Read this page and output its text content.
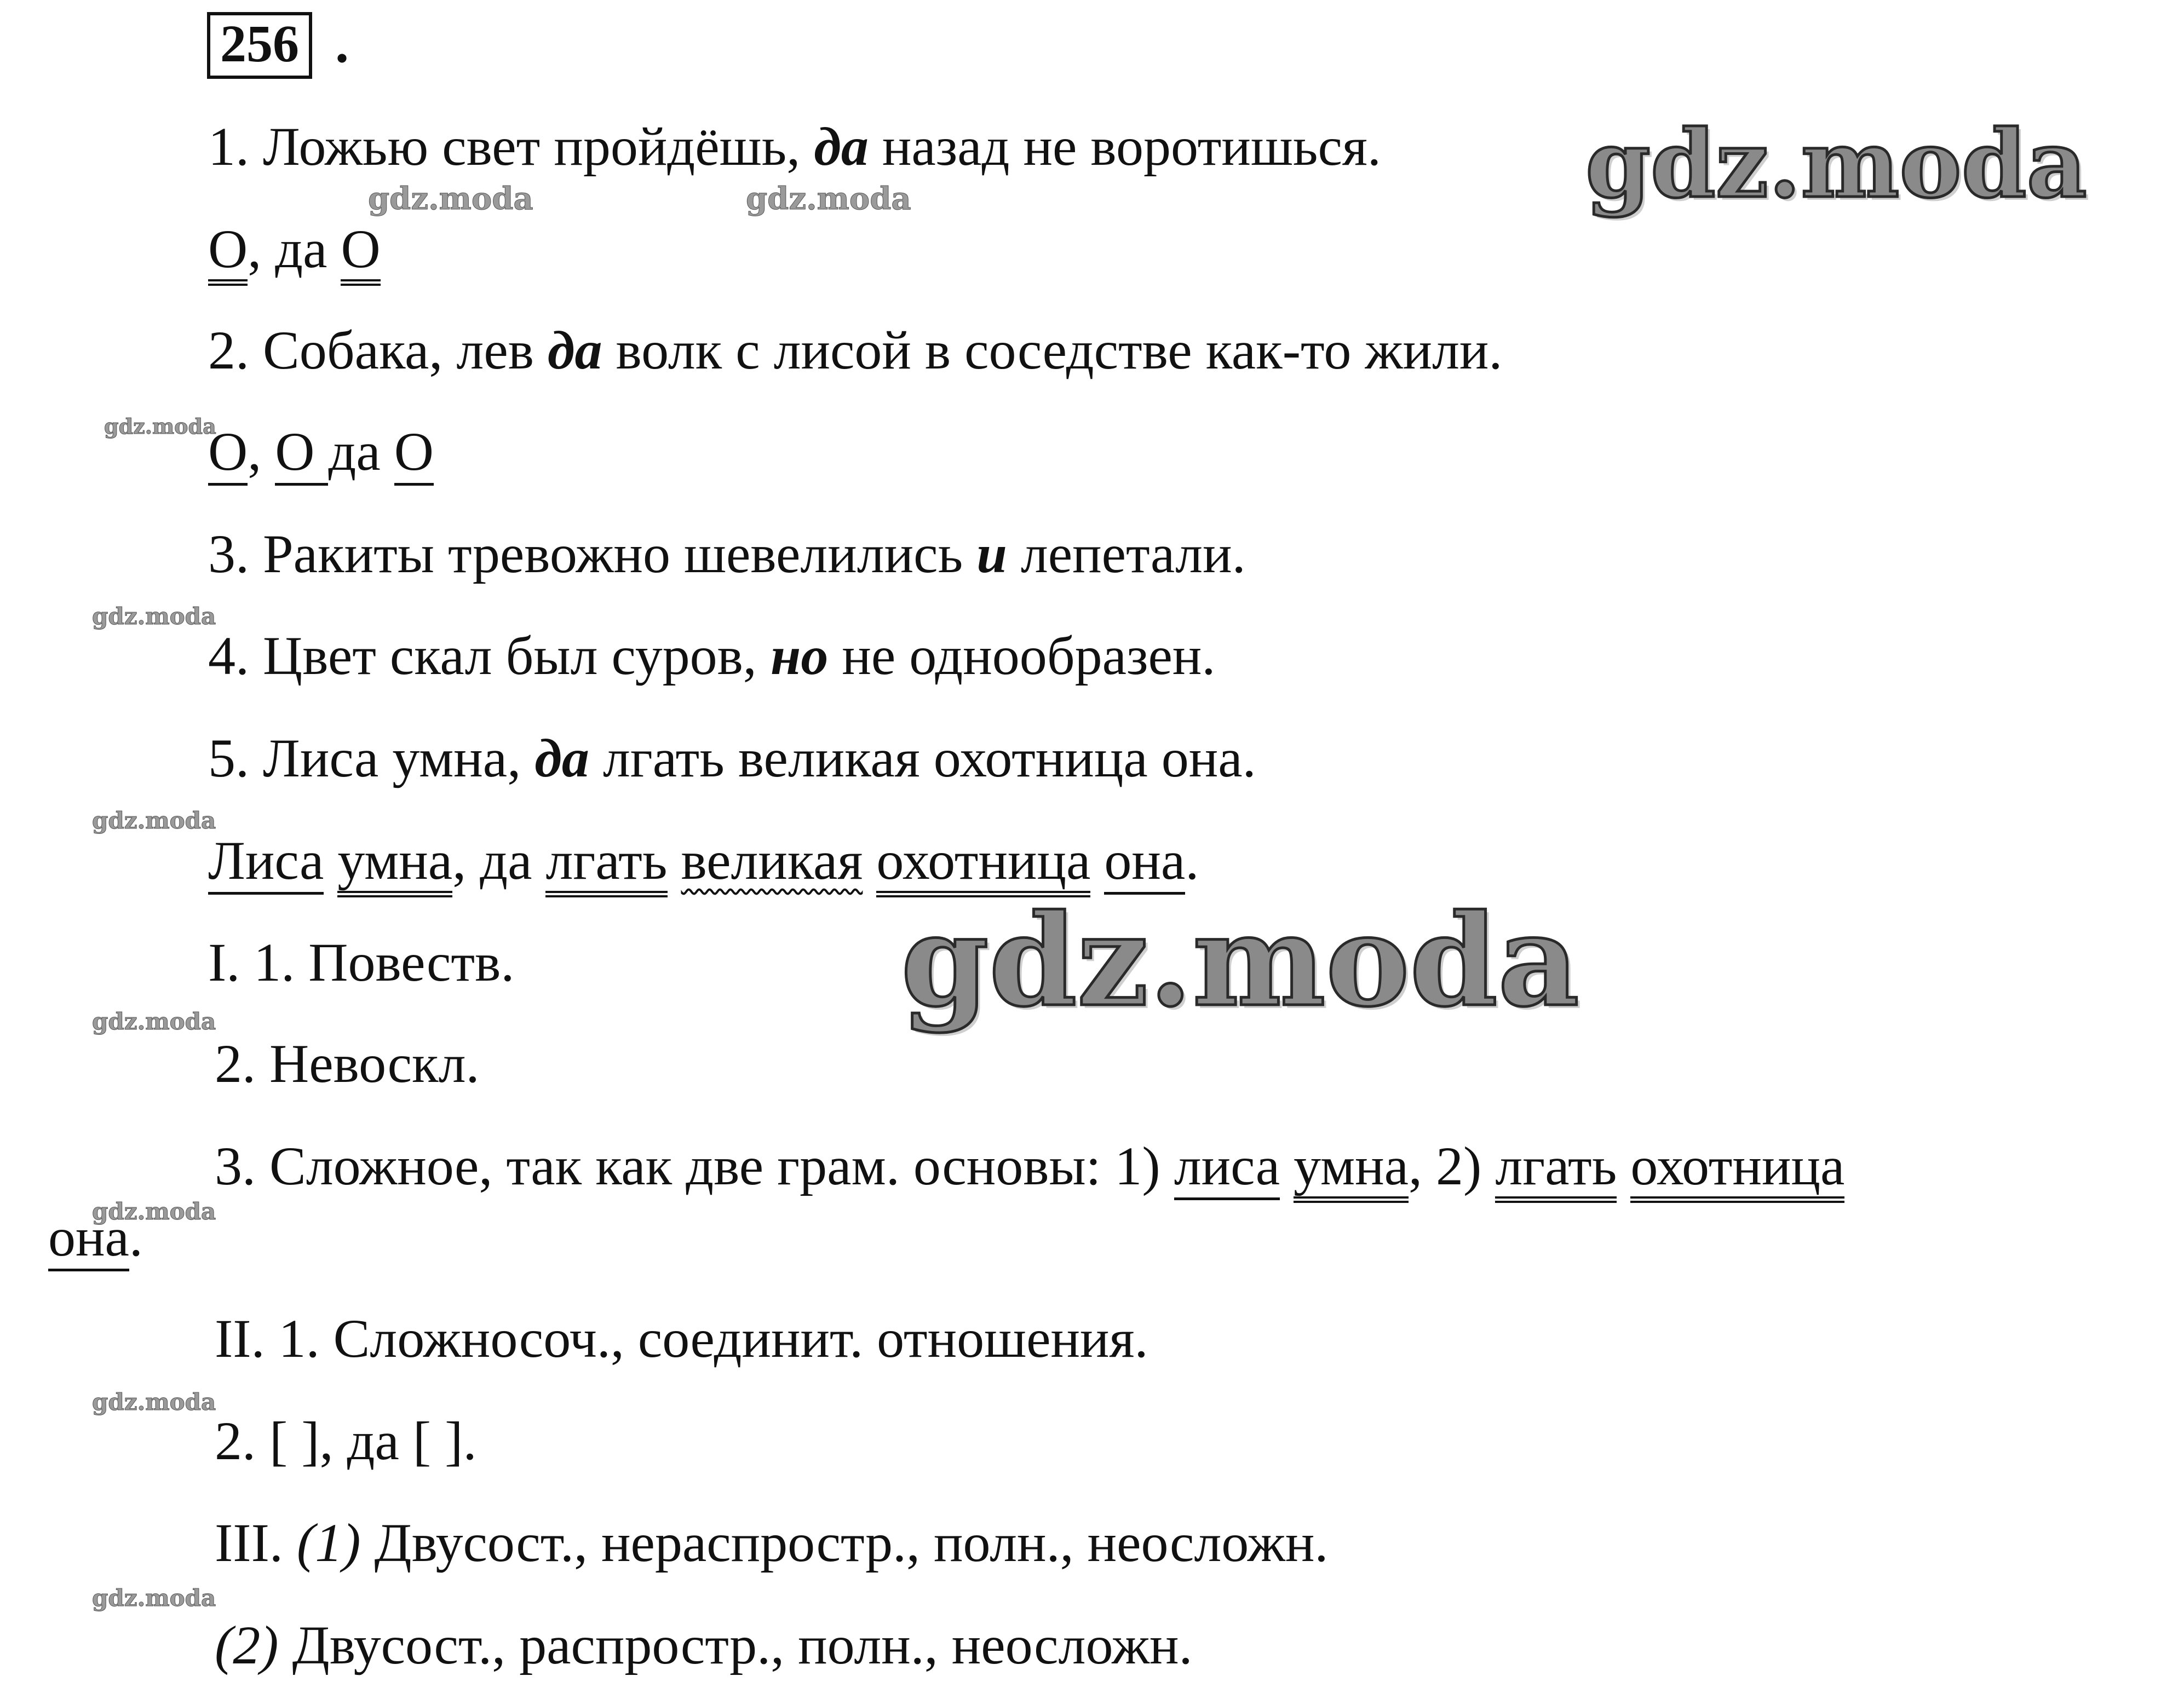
256 .

1. Ложью свет пройдёшь, да назад не воротишься.

О, да О

2. Собака, лев да волк с лисой в соседстве как-то жили.

О, О да О

3. Ракиты тревожно шевелились и лепетали.

4. Цвет скал был суров, но не однообразен.

5. Лиса умна, да лгать великая охотница она.

Лиса умна, да лгать великая охотница она.

I. 1. Повеств.

2. Невоскл.

3. Сложное, так как две грам. основы: 1) лиса умна, 2) лгать охотница

она.

II. 1. Сложносоч., соединит. отношения.

2. [ ], да [ ].

III. (1) Двусост., нераспростр., полн., неосложн.

(2) Двусост., распростр., полн., неосложн.

gdz.moda
gdz.moda
gdz.moda	gdz.moda
gdz.moda
gdz.moda
gdz.moda
gdz.moda
gdz.moda
gdz.moda
gdz.moda
